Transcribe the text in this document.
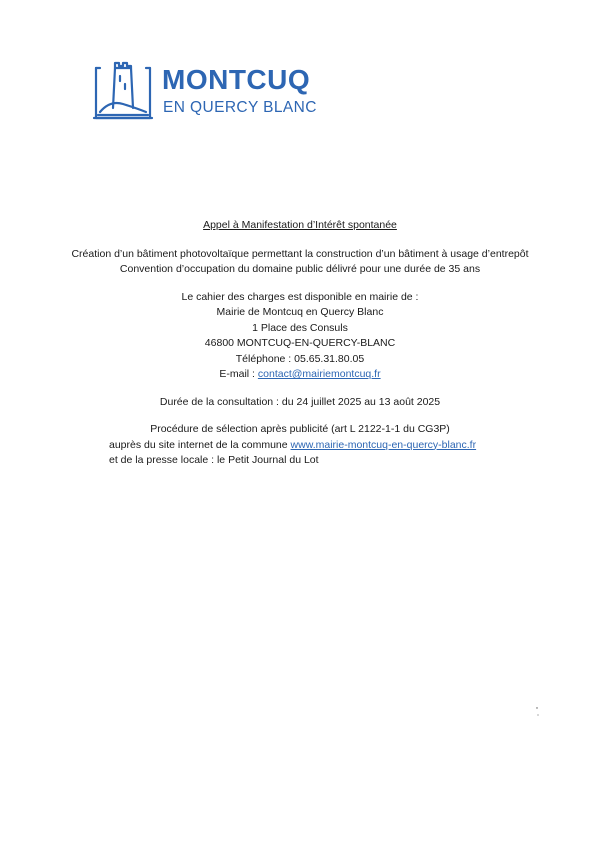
MONTCUQ
EN QUERCY BLANC

Appel à Manifestation d’Intérêt spontanée

Création d’un bâtiment photovoltaïque permettant la construction d’un bâtiment à usage d’entrepôt

Convention d’occupation du domaine public délivré pour une durée de 35 ans

Le cahier des charges est disponible en mairie de :

Mairie de Montcuq en Quercy Blanc

1 Place des Consuls

46800 MONTCUQ-EN-QUERCY-BLANC

Téléphone : 05.65.31.80.05

E-mail : contact@mairiemontcuq.fr

Durée de la consultation : du 24 juillet 2025 au 13 août 2025

Procédure de sélection après publicité (art L 2122-1-1 du CG3P)

auprès du site internet de la commune www.mairie-montcuq-en-quercy-blanc.fr

et de la presse locale : le Petit Journal du Lot
